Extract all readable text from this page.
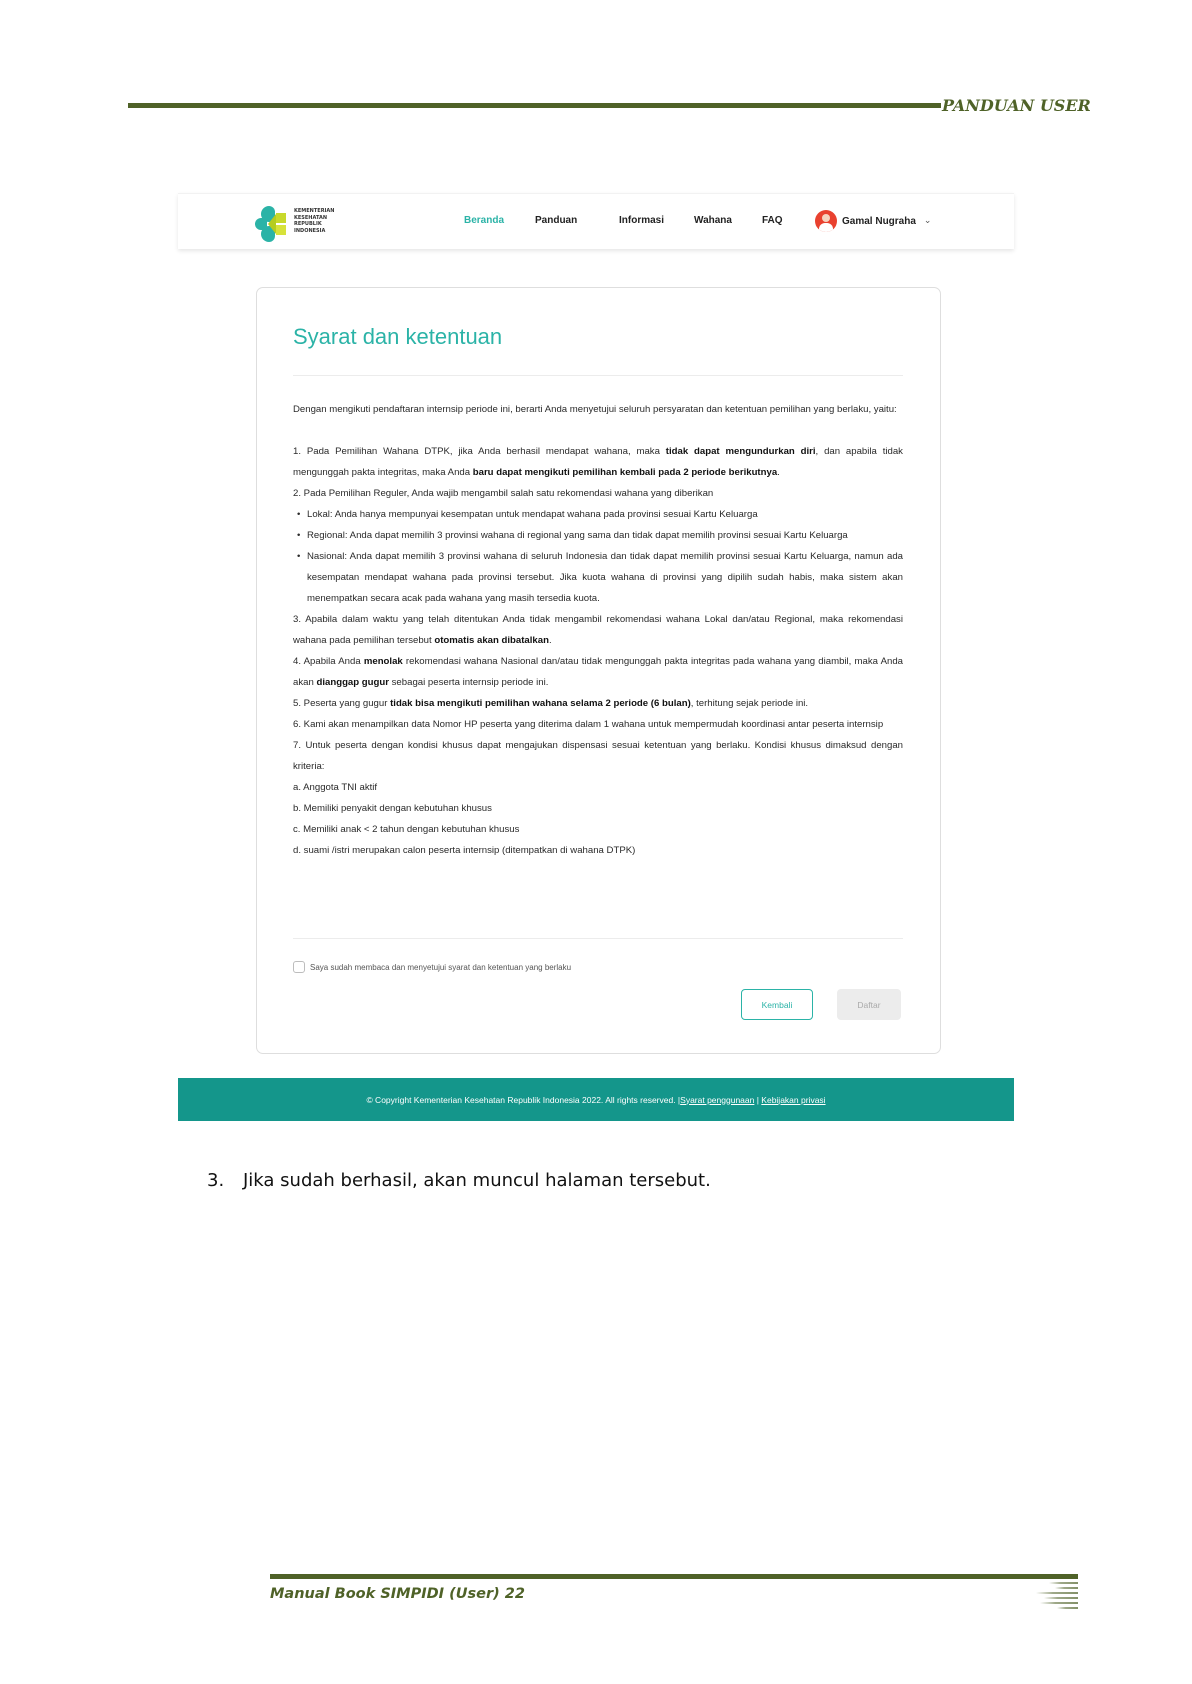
PANDUAN USER
KEMENTERIAN
KESEHATAN
REPUBLIK
INDONESIA
Beranda	Panduan	Informasi	Wahana	FAQ	Gamal Nugraha ⌄
Syarat dan ketentuan

Dengan mengikuti pendaftaran internsip periode ini, berarti Anda menyetujui seluruh persyaratan dan ketentuan pemilihan yang berlaku, yaitu:

1. Pada Pemilihan Wahana DTPK, jika Anda berhasil mendapat wahana, maka tidak dapat mengundurkan diri, dan apabila tidak mengunggah pakta integritas, maka Anda baru dapat mengikuti pemilihan kembali pada 2 periode berikutnya.

2. Pada Pemilihan Reguler, Anda wajib mengambil salah satu rekomendasi wahana yang diberikan

• Lokal: Anda hanya mempunyai kesempatan untuk mendapat wahana pada provinsi sesuai Kartu Keluarga

• Regional: Anda dapat memilih 3 provinsi wahana di regional yang sama dan tidak dapat memilih provinsi sesuai Kartu Keluarga

• Nasional: Anda dapat memilih 3 provinsi wahana di seluruh Indonesia dan tidak dapat memilih provinsi sesuai Kartu Keluarga, namun ada kesempatan mendapat wahana pada provinsi tersebut. Jika kuota wahana di provinsi yang dipilih sudah habis, maka sistem akan menempatkan secara acak pada wahana yang masih tersedia kuota.

3. Apabila dalam waktu yang telah ditentukan Anda tidak mengambil rekomendasi wahana Lokal dan/atau Regional, maka rekomendasi wahana pada pemilihan tersebut otomatis akan dibatalkan.

4. Apabila Anda menolak rekomendasi wahana Nasional dan/atau tidak mengunggah pakta integritas pada wahana yang diambil, maka Anda akan dianggap gugur sebagai peserta internsip periode ini.

5. Peserta yang gugur tidak bisa mengikuti pemilihan wahana selama 2 periode (6 bulan), terhitung sejak periode ini.

6. Kami akan menampilkan data Nomor HP peserta yang diterima dalam 1 wahana untuk mempermudah koordinasi antar peserta internsip

7. Untuk peserta dengan kondisi khusus dapat mengajukan dispensasi sesuai ketentuan yang berlaku. Kondisi khusus dimaksud dengan kriteria:

a. Anggota TNI aktif

b. Memiliki penyakit dengan kebutuhan khusus

c. Memiliki anak < 2 tahun dengan kebutuhan khusus

d. suami /istri merupakan calon peserta internsip (ditempatkan di wahana DTPK)

Saya sudah membaca dan menyetujui syarat dan ketentuan yang berlaku
Kembali	Daftar
© Copyright Kementerian Kesehatan Republik Indonesia 2022. All rights reserved. | Syarat penggunaan | Kebijakan privasi
3. Jika sudah berhasil, akan muncul halaman tersebut.
Manual Book SIMPIDI (User) 22
